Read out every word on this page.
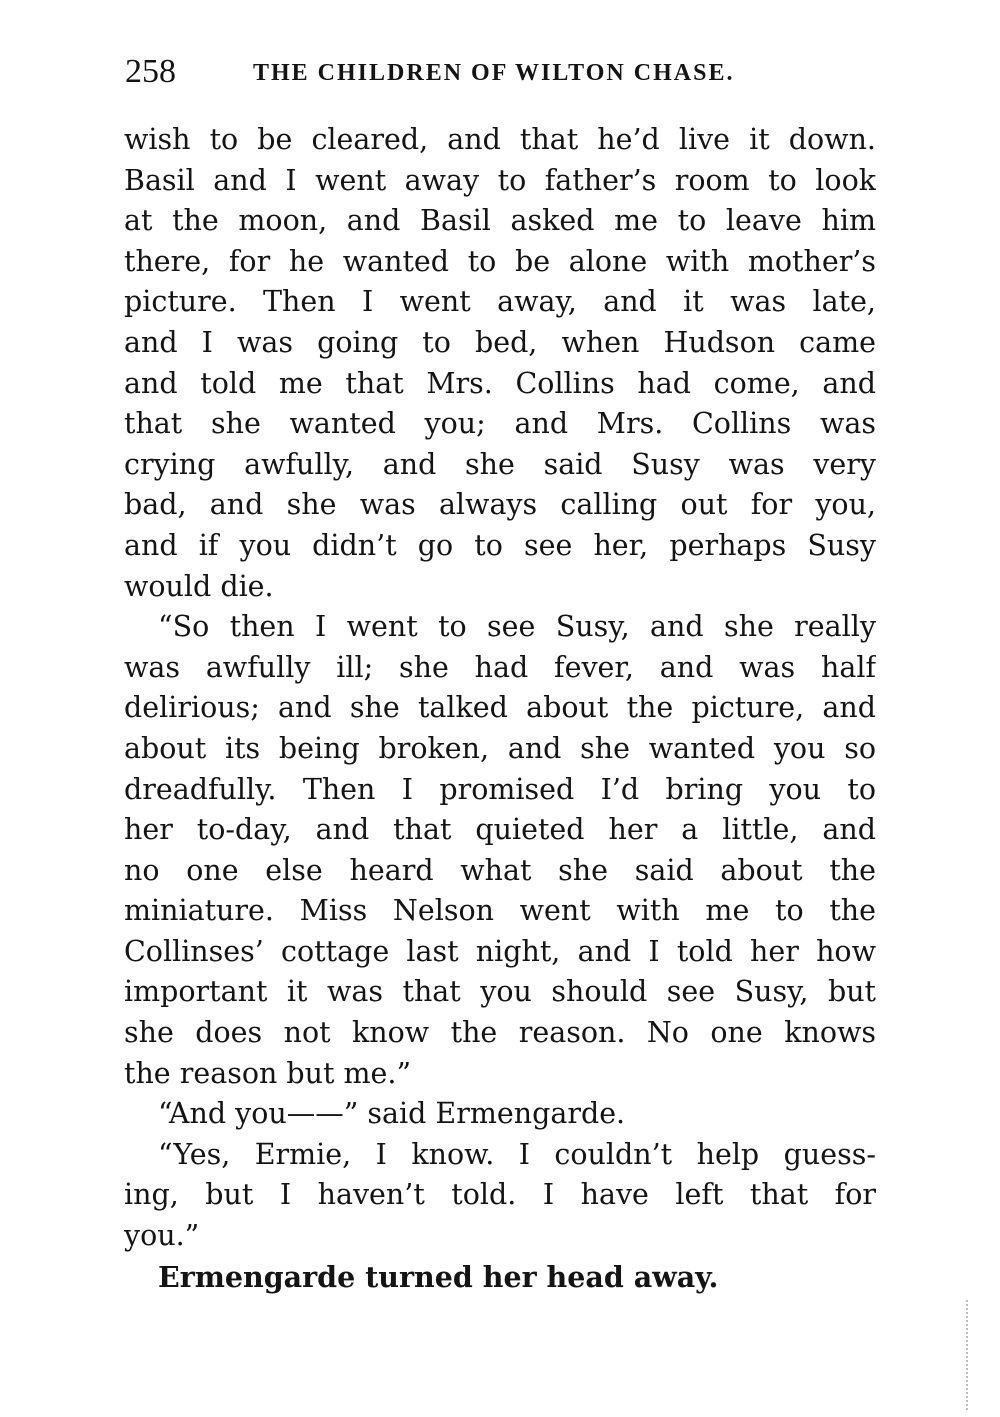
258	THE CHILDREN OF WILTON CHASE.
wish to be cleared, and that he’d live it down.
Basil and I went away to father’s room to look
at the moon, and Basil asked me to leave him
there, for he wanted to be alone with mother’s
picture. Then I went away, and it was late,
and I was going to bed, when Hudson came
and told me that Mrs. Collins had come, and
that she wanted you; and Mrs. Collins was
crying awfully, and she said Susy was very
bad, and she was always calling out for you,
and if you didn’t go to see her, perhaps Susy
would die.
“So then I went to see Susy, and she really
was awfully ill; she had fever, and was half
delirious; and she talked about the picture, and
about its being broken, and she wanted you so
dreadfully. Then I promised I’d bring you to
her to-day, and that quieted her a little, and
no one else heard what she said about the
miniature. Miss Nelson went with me to the
Collinses’ cottage last night, and I told her how
important it was that you should see Susy, but
she does not know the reason. No one knows
the reason but me.”
“And you——” said Ermengarde.
“Yes, Ermie, I know. I couldn’t help guess-
ing, but I haven’t told. I have left that for
you.”
Ermengarde turned her head away.
